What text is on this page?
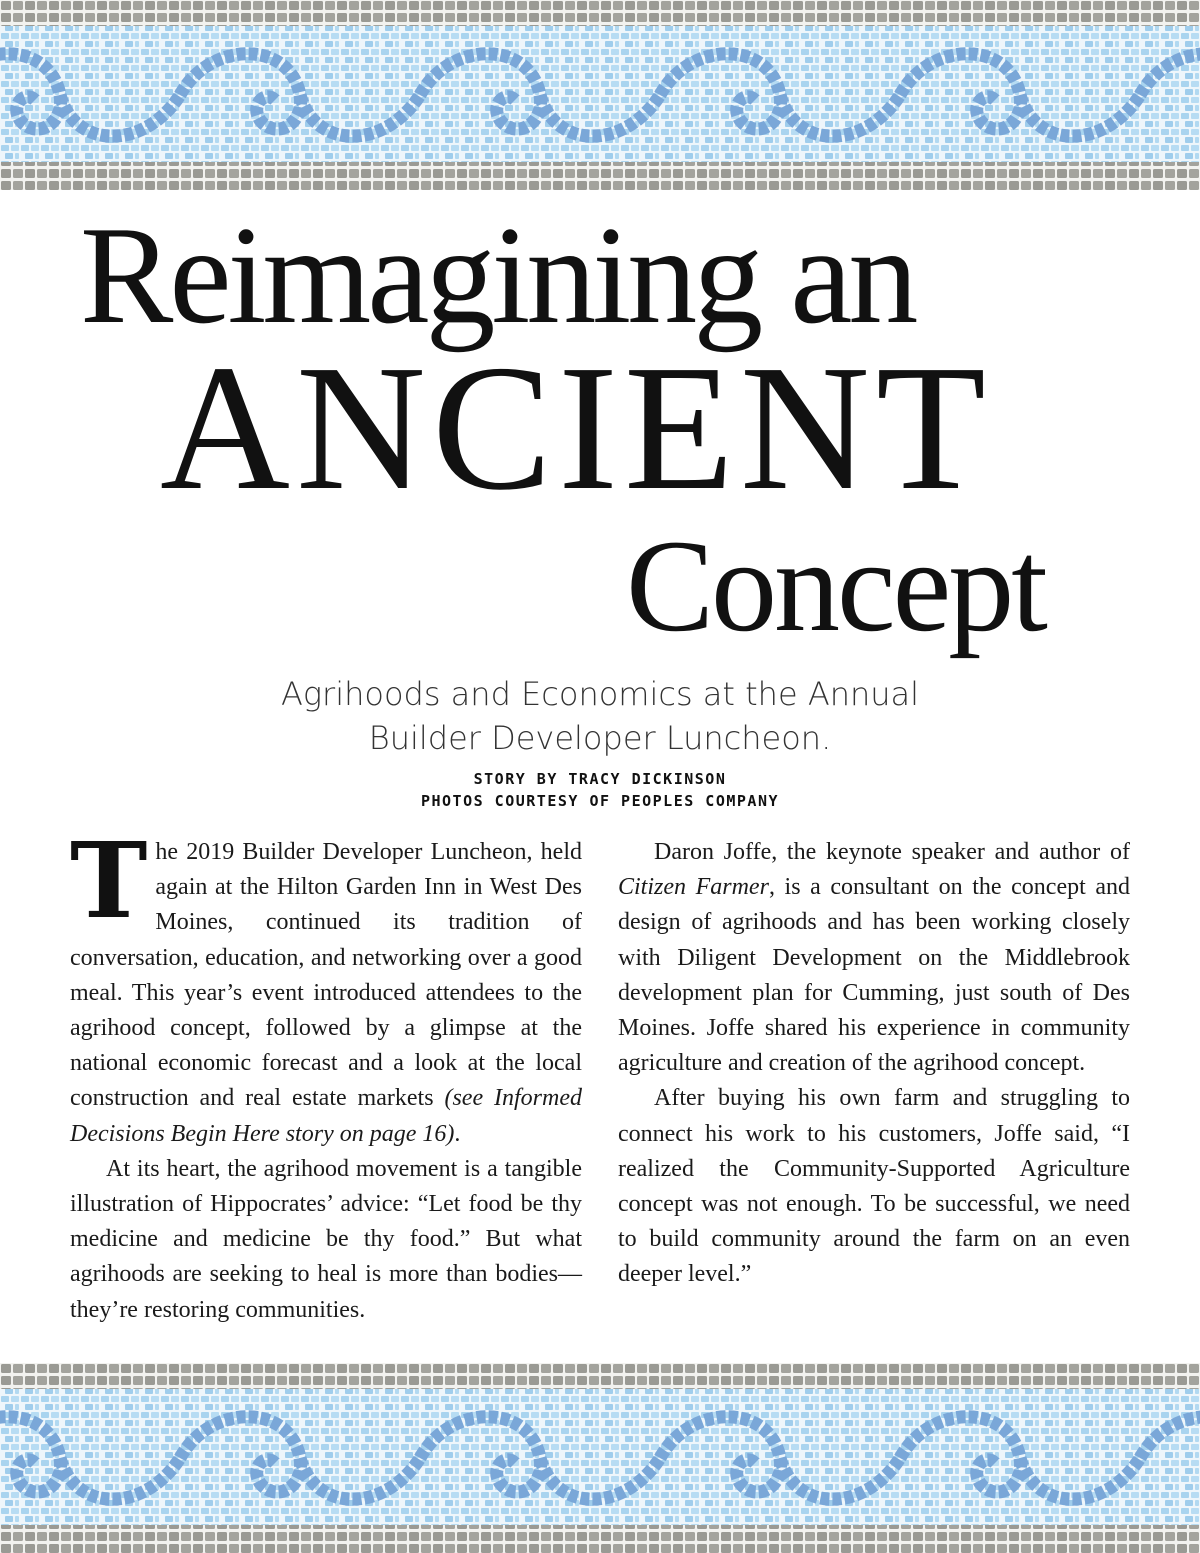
Reimagining an
ANCIENT
Concept

Agrihoods and Economics at the Annual

Builder Developer Luncheon.

STORY BY TRACY DICKINSON

PHOTOS COURTESY OF PEOPLES COMPANY

The 2019 Builder Developer Luncheon, held again at the Hilton Garden Inn in West Des Moines, continued its tradition of conversation, education, and networking over a good meal. This year’s event introduced attendees to the agrihood concept, followed by a glimpse at the national economic forecast and a look at the local construction and real estate markets (see Informed Decisions Begin Here story on page 16).

At its heart, the agrihood movement is a tangible illustration of Hippocrates’ advice: “Let food be thy medicine and medicine be thy food.” But what agrihoods are seeking to heal is more than bodies—they’re restoring communities.

Daron Joffe, the keynote speaker and author of Citizen Farmer, is a consultant on the concept and design of agrihoods and has been working closely with Diligent Development on the Middlebrook development plan for Cumming, just south of Des Moines. Joffe shared his experience in community agriculture and creation of the agrihood concept.

After buying his own farm and struggling to connect his work to his customers, Joffe said, “I realized the Community-Supported Agriculture concept was not enough. To be successful, we need to build community around the farm on an even deeper level.”
